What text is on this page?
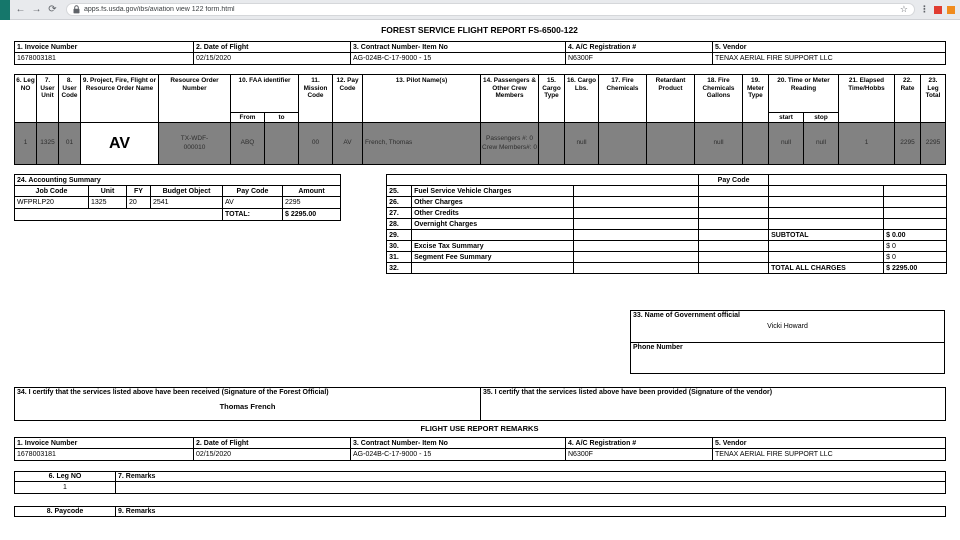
← → ⟳	apps.fs.usda.gov/ibs/aviation view 122 form.html	☆ ⋮
FOREST SERVICE FLIGHT REPORT FS-6500-122
1. Invoice Number	2. Date of Flight	3. Contract Number- Item No	4. A/C Registration #	5. Vendor
1678003181	02/15/2020	AG-024B-C-17-9000 - 15	N6300F	TENAX AERIAL FIRE SUPPORT LLC
6. Leg NO	7. User Unit	8. User Code	9. Project, Fire, Flight or Resource Order Name	Resource Order Number	10. FAA identifier		11. Mission Code	12. Pay Code	13. Pilot Name(s)	14. Passengers & Other Crew Members	15. Cargo Type	16. Cargo Lbs.	17. Fire Chemicals	Retardant Product	18. Fire Chemicals Gallons	19. Meter Type	20. Time or Meter Reading		21. Elapsed Time/Hobbs	22. Rate	23. Leg Total
					From	to											start	stop			
1	1325	01	AV	TX-WDF-000010	ABQ		00	AV	French, Thomas	Passengers #: 0 Crew Members#: 0		null			null		null	null	1	2295	2295
24. Accounting Summary					
Job Code	Unit	FY	Budget Object	Pay Code	Amount
WFPRLP20	1325	20	2541	AV	2295
				TOTAL:	$ 2295.00
			Pay Code		
25.	Fuel Service Vehicle Charges				
26.	Other Charges				
27.	Other Credits				
28.	Overnight Charges				
29.				SUBTOTAL	$ 0.00
30.	Excise Tax Summary				$ 0
31.	Segment Fee Summary				$ 0
32.				TOTAL ALL CHARGES	$ 2295.00
33. Name of Government official
Vicki Howard
Phone Number
34. I certify that the services listed above have been received (Signature of the Forest Official)
Thomas French

35. I certify that the services listed above have been provided (Signature of the vendor)
FLIGHT USE REPORT REMARKS
1. Invoice Number	2. Date of Flight	3. Contract Number- Item No	4. A/C Registration #	5. Vendor
1678003181	02/15/2020	AG-024B-C-17-9000 - 15	N6300F	TENAX AERIAL FIRE SUPPORT LLC
6. Leg NO	7. Remarks
1	
8. Paycode	9. Remarks
